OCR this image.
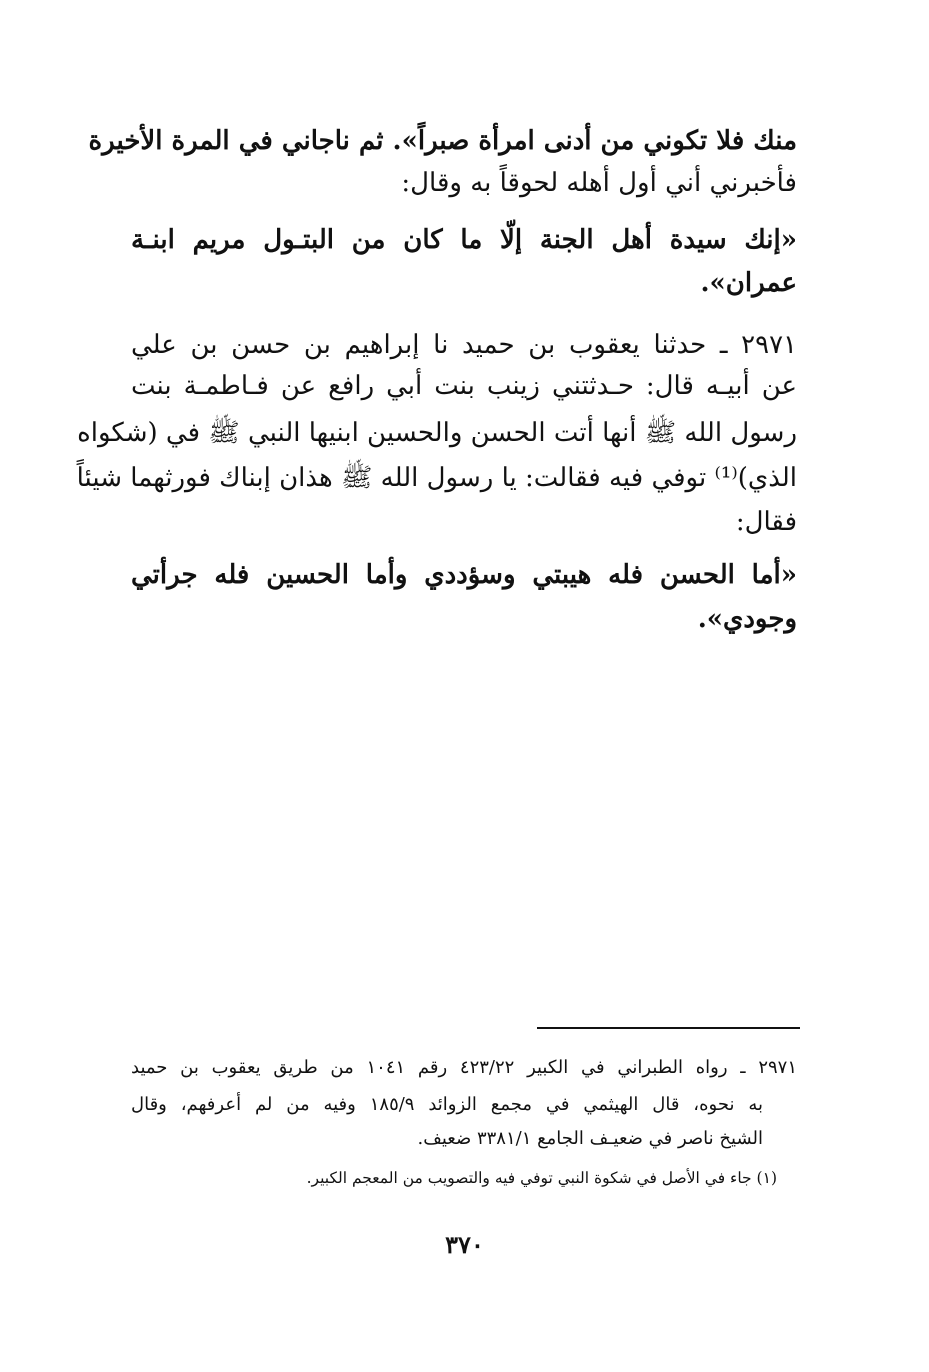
منك فلا تكوني من أدنى امرأة صبراً». ثم ناجاني في المرة الأخيرة
فأخبرني أني أول أهله لحوقاً به وقال:
«إنك سيدة أهل الجنة إلّا ما كان من البتـول مريم ابنـة
عمران».
٢٩٧١ ـ حدثنا يعقوب بن حميد نا إبراهيم بن حسن بن علي
عن أبيـه قال: حـدثتني زينب بنت أبي رافع عن فـاطمـة بنت
رسول الله ﷺ أنها أتت الحسن والحسين ابنيها النبي ﷺ في (شكواه
الذي)⁽¹⁾ توفي فيه فقالت: يا رسول الله ﷺ هذان إبناك فورثهما شيئاً
فقال:
«أما الحسن فله هيبتي وسؤددي وأما الحسين فله جرأتي
وجودي».
٢٩٧١ ـ رواه الطبراني في الكبير ٤٢٣/٢٢ رقم ١٠٤١ من طريق يعقوب بن حميد
به نحوه، قال الهيثمي في مجمع الزوائد ١٨٥/٩ وفيه من لم أعرفهم، وقال
الشيخ ناصر في ضعيـف الجامع ٣٣٨١/١ ضعيف.
(١) جاء في الأصل في شكوة النبي توفي فيه والتصويب من المعجم الكبير.
٣٧٠
